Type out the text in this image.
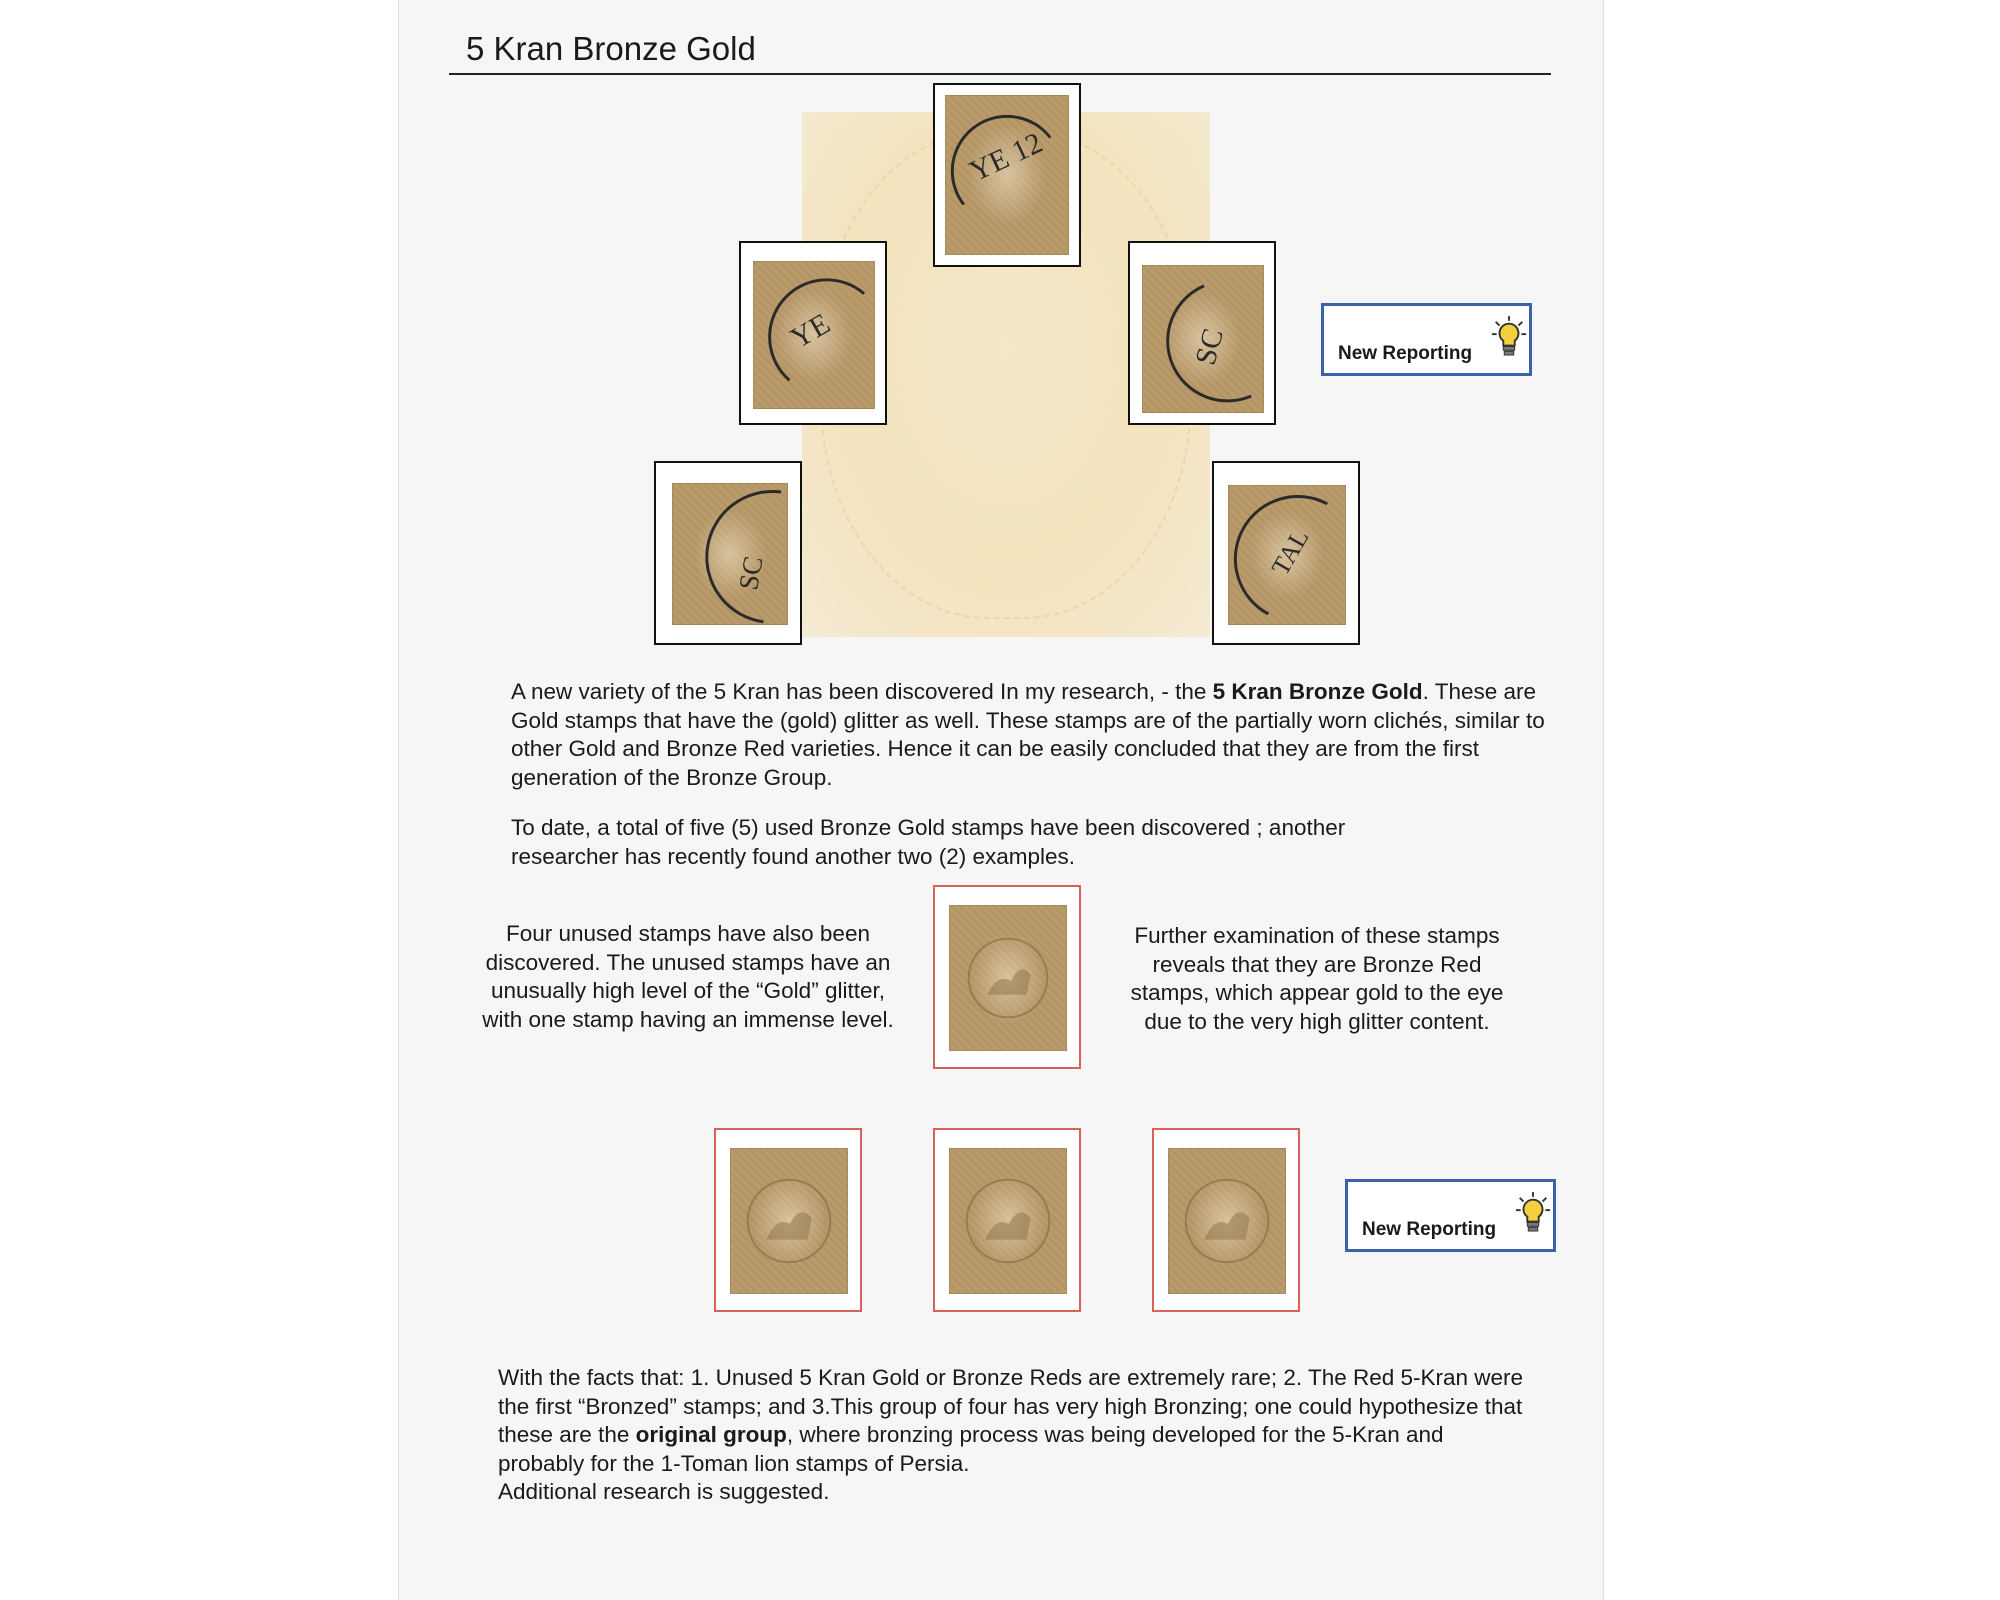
5 Kran Bronze Gold
YE 12
YE	SC
SC	TAL
New Reporting
A new variety of the 5 Kran has been discovered In my research, - the 5 Kran Bronze Gold. These are Gold stamps that have the (gold) glitter as well. These stamps are of the partially worn clichés, similar to other Gold and Bronze Red varieties. Hence it can be easily concluded that they are from the first generation of the Bronze Group.
To date, a total of five (5) used Bronze Gold stamps have been discovered ; another researcher has recently found another two (2) examples.
Four unused stamps have also been discovered. The unused stamps have an unusually high level of the “Gold” glitter, with one stamp having an immense level.
Further examination of these stamps reveals that they are Bronze Red stamps, which appear gold to the eye due to the very high glitter content.
New Reporting
With the facts that: 1. Unused 5 Kran Gold or Bronze Reds are extremely rare; 2. The Red 5-Kran were the first “Bronzed” stamps; and 3.This group of four has very high Bronzing; one could hypothesize that these are the original group, where bronzing process was being developed for the 5-Kran and probably for the 1-Toman lion stamps of Persia.
Additional research is suggested.
